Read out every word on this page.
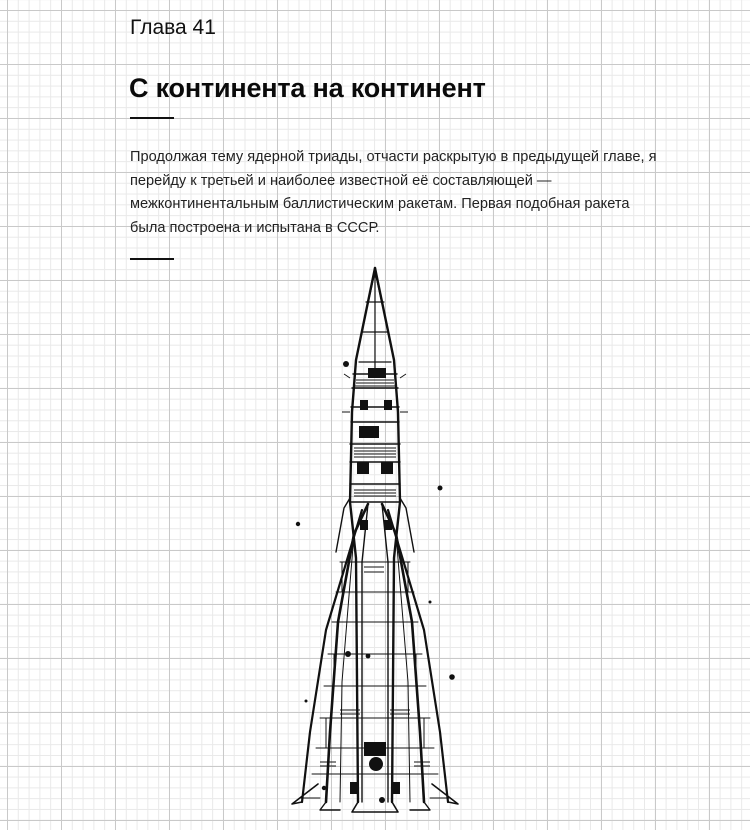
Глава 41
С континента на континент

Продолжая тему ядерной триады, отчасти раскрытую в предыдущей главе, я перейду к третьей и наиболее известной её составляющей — межконтинентальным баллистическим ракетам. Первая подобная ракета была построена и испытана в СССР.
